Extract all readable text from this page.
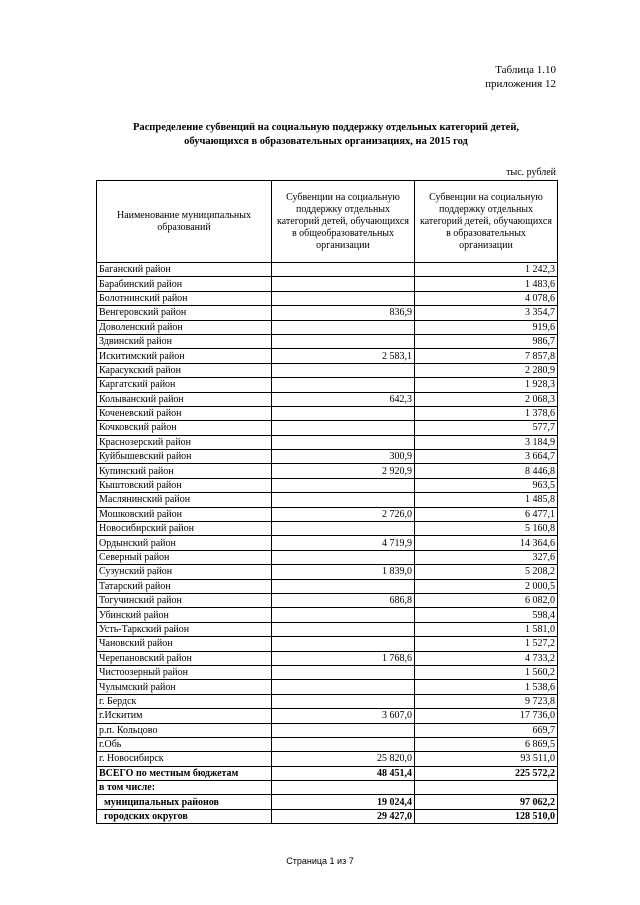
Таблица 1.10
приложения 12
Распределение субвенций на социальную поддержку отдельных категорий детей,
обучающихся в образовательных организациях, на 2015 год
тыс. рублей
Наименование муниципальных образований	Субвенции на социальную поддержку отдельных категорий детей, обучающихся в общеобразовательных организации	Субвенции на социальную поддержку отдельных категорий детей, обучающихся в образовательных организации
Баганский район		1 242,3
Барабинский район		1 483,6
Болотнинский район		4 078,6
Венгеровский район	836,9	3 354,7
Доволенский район		919,6
Здвинский район		986,7
Искитимский район	2 583,1	7 857,8
Карасукский район		2 280,9
Каргатский район		1 928,3
Колыванский район	642,3	2 068,3
Коченевский район		1 378,6
Кочковский район		577,7
Краснозерский район		3 184,9
Куйбышевский район	300,9	3 664,7
Купинский район	2 920,9	8 446,8
Кыштовский район		963,5
Маслянинский район		1 485,8
Мошковский район	2 726,0	6 477,1
Новосибирский район		5 160,8
Ордынский район	4 719,9	14 364,6
Северный район		327,6
Сузунский район	1 839,0	5 208,2
Татарский район		2 000,5
Тогучинский район	686,8	6 082,0
Убинский район		598,4
Усть-Таркский район		1 581,0
Чановский район		1 527,2
Черепановский район	1 768,6	4 733,2
Чистоозерный район		1 560,2
Чулымский район		1 538,6
г. Бердск		9 723,8
г.Искитим	3 607,0	17 736,0
р.п. Кольцово		669,7
г.Обь		6 869,5
г. Новосибирск	25 820,0	93 511,0
ВСЕГО по местным бюджетам	48 451,4	225 572,2
в том числе:		
муниципальных районов	19 024,4	97 062,2
городских округов	29 427,0	128 510,0
Страница 1 из 7
